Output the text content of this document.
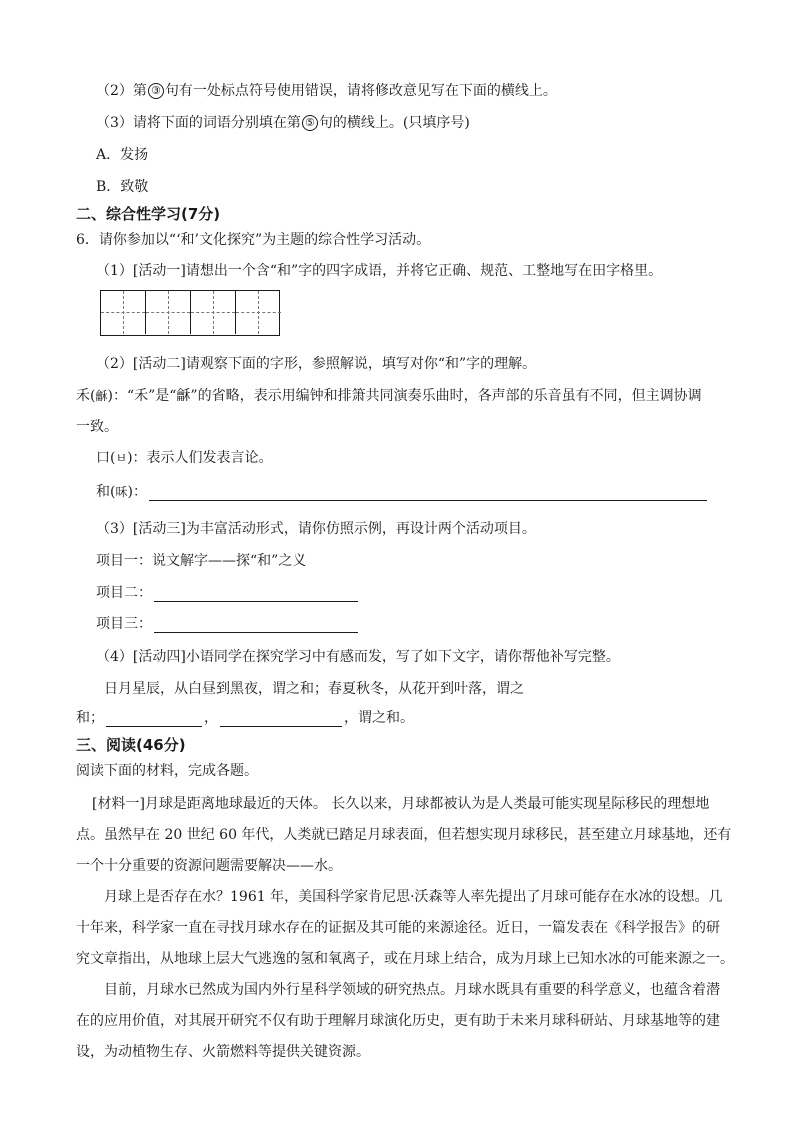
（2）第 ③ 句有一处标点符号使用错误，请将修改意见写在下面的横线上。
（3）请将下面的词语分别填在第 ⑤ 句的横线上。(只填序号)
A．发扬
B．致敬
二、综合性学习(7分)
6．请你参加以“‘和’文化探究”为主题的综合性学习活动。
（1）[活动一]请想出一个含“和”字的四字成语，并将它正确、规范、工整地写在田字格里。
（2）[活动二]请观察下面的字形，参照解说，填写对你“和”字的理解。
禾(龢)：“禾”是“龢”的省略，表示用编钟和排箫共同演奏乐曲时，各声部的乐音虽有不同，但主调协调
一致。
口(ㅂ)：表示人们发表言论。
和(咊)：
（3）[活动三]为丰富活动形式，请你仿照示例，再设计两个活动项目。
项目一：说文解字——探“和”之义
项目二：
项目三：
（4）[活动四]小语同学在探究学习中有感而发，写了如下文字，请你帮他补写完整。
日月星辰，从白昼到黑夜，谓之和；春夏秋冬，从花开到叶落，谓之
和；	，	，谓之和。
三、阅读(46分)
阅读下面的材料，完成各题。
[材料一]月球是距离地球最近的天体。 长久以来，月球都被认为是人类最可能实现星际移民的理想地
点。虽然早在 20 世纪 60 年代，人类就已踏足月球表面，但若想实现月球移民，甚至建立月球基地，还有
一个十分重要的资源问题需要解决——水。
月球上是否存在水？1961 年，美国科学家肯尼思·沃森等人率先提出了月球可能存在水冰的设想。几
十年来，科学家一直在寻找月球水存在的证据及其可能的来源途径。近日，一篇发表在《科学报告》的研
究文章指出，从地球上层大气逃逸的氢和氧离子，或在月球上结合，成为月球上已知水冰的可能来源之一。
目前，月球水已然成为国内外行星科学领域的研究热点。月球水既具有重要的科学意义，也蕴含着潜
在的应用价值，对其展开研究不仅有助于理解月球演化历史，更有助于未来月球科研站、月球基地等的建
设，为动植物生存、火箭燃料等提供关键资源。
